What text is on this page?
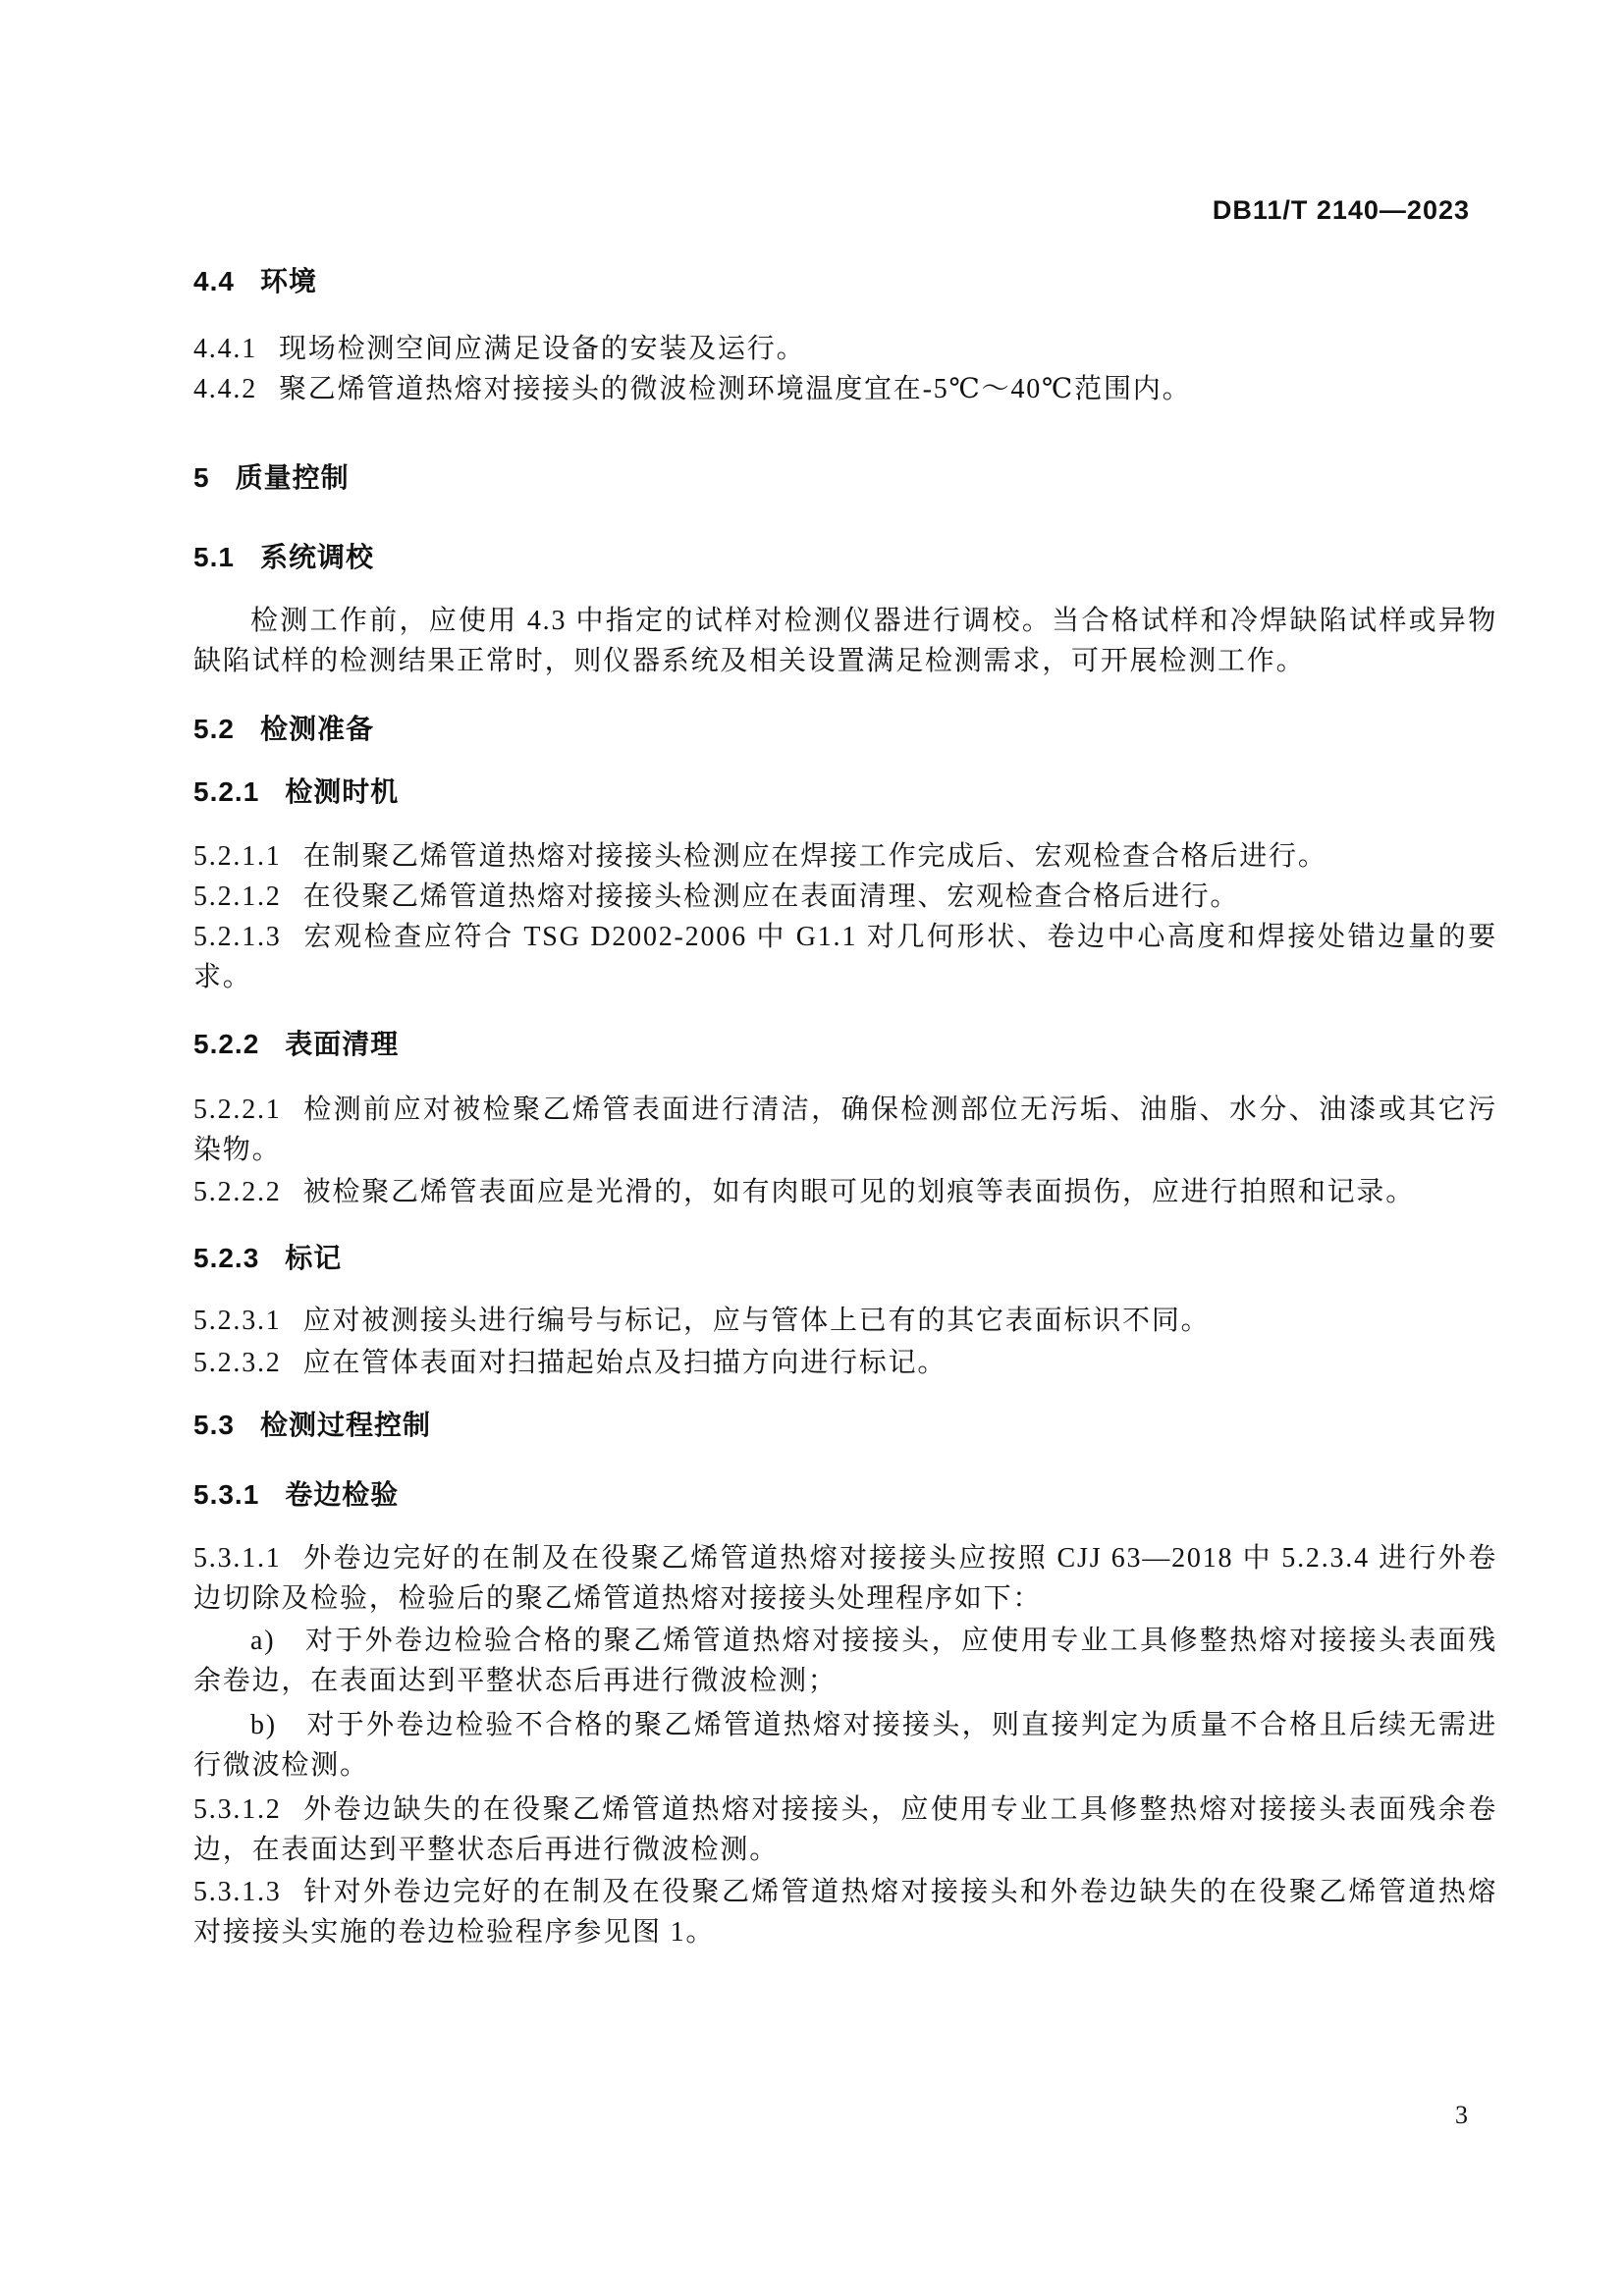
DB11/T 2140—2023
4.4 环境

4.4.1 现场检测空间应满足设备的安装及运行。

4.4.2 聚乙烯管道热熔对接接头的微波检测环境温度宜在-5℃～40℃范围内。

5 质量控制
5.1 系统调校

检测工作前，应使用 4.3 中指定的试样对检测仪器进行调校。当合格试样和冷焊缺陷试样或异物缺陷试样的检测结果正常时，则仪器系统及相关设置满足检测需求，可开展检测工作。

5.2 检测准备
5.2.1 检测时机

5.2.1.1 在制聚乙烯管道热熔对接接头检测应在焊接工作完成后、宏观检查合格后进行。

5.2.1.2 在役聚乙烯管道热熔对接接头检测应在表面清理、宏观检查合格后进行。

5.2.1.3 宏观检查应符合 TSG D2002-2006 中 G1.1 对几何形状、卷边中心高度和焊接处错边量的要求。

5.2.2 表面清理

5.2.2.1 检测前应对被检聚乙烯管表面进行清洁，确保检测部位无污垢、油脂、水分、油漆或其它污染物。

5.2.2.2 被检聚乙烯管表面应是光滑的，如有肉眼可见的划痕等表面损伤，应进行拍照和记录。

5.2.3 标记

5.2.3.1 应对被测接头进行编号与标记，应与管体上已有的其它表面标识不同。

5.2.3.2 应在管体表面对扫描起始点及扫描方向进行标记。

5.3 检测过程控制
5.3.1 卷边检验

5.3.1.1 外卷边完好的在制及在役聚乙烯管道热熔对接接头应按照 CJJ 63—2018 中 5.2.3.4 进行外卷边切除及检验，检验后的聚乙烯管道热熔对接接头处理程序如下：

a) 对于外卷边检验合格的聚乙烯管道热熔对接接头，应使用专业工具修整热熔对接接头表面残余卷边，在表面达到平整状态后再进行微波检测；

b) 对于外卷边检验不合格的聚乙烯管道热熔对接接头，则直接判定为质量不合格且后续无需进行微波检测。

5.3.1.2 外卷边缺失的在役聚乙烯管道热熔对接接头，应使用专业工具修整热熔对接接头表面残余卷边，在表面达到平整状态后再进行微波检测。

5.3.1.3 针对外卷边完好的在制及在役聚乙烯管道热熔对接接头和外卷边缺失的在役聚乙烯管道热熔对接接头实施的卷边检验程序参见图 1。

3
